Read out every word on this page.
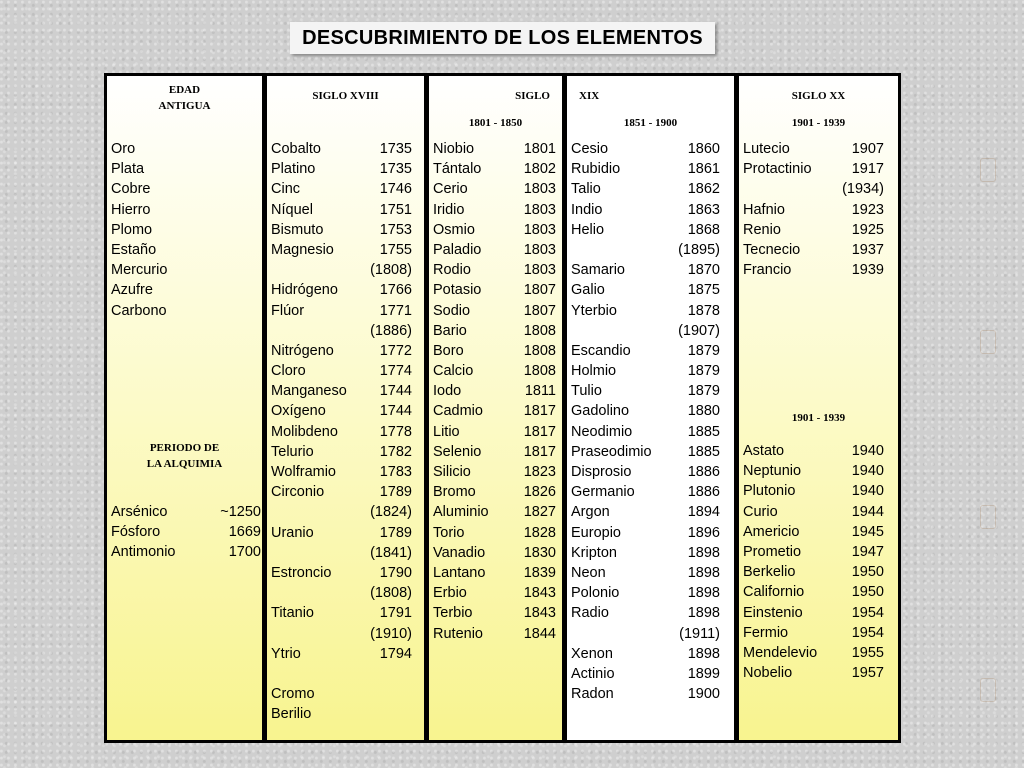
DESCUBRIMIENTO DE LOS ELEMENTOS
EDAD
ANTIGUA
Oro
Plata
Cobre
Hierro
Plomo
Estaño
Mercurio
Azufre
Carbono
PERIODO DE
LA ALQUIMIA
Arsénico	~1250
Fósforo	1669
Antimonio	1700
SIGLO XVIII
Cobalto	1735
Platino	1735
Cinc	1746
Níquel	1751
Bismuto	1753
Magnesio	1755
(1808)
Hidrógeno	1766
Flúor	1771
(1886)
Nitrógeno	1772
Cloro	1774
Manganeso 1744
Oxígeno	1744
Molibdeno	1778
Telurio	1782
Wolframio	1783
Circonio	1789
(1824)
Uranio	1789
(1841)
Estroncio	1790
(1808)
Titanio	1791
(1910)
Ytrio	1794
Cromo
Berilio
SIGLO
1801 - 1850
Niobio	1801
Tántalo	1802
Cerio	1803
Iridio	1803
Osmio	1803
Paladio	1803
Rodio	1803
Potasio	1807
Sodio	1807
Bario	1808
Boro	1808
Calcio	1808
Iodo	1811
Cadmio	1817
Litio	1817
Selenio	1817
Silicio	1823
Bromo	1826
Aluminio 1827
Torio	1828
Vanadio	1830
Lantano	1839
Erbio	1843
Terbio	1843
Rutenio	1844
XIX
1851 - 1900
Cesio	1860
Rubidio	1861
Talio	1862
Indio	1863
Helio	1868
(1895)
Samario	1870
Galio	1875
Yterbio	1878
(1907)
Escandio	1879
Holmio	1879
Tulio	1879
Gadolino	1880
Neodimio	1885
Praseodimio 1885
Disprosio	1886
Germanio	1886
Argon	1894
Europio	1896
Kripton	1898
Neon	1898
Polonio	1898
Radio	1898
(1911)
Xenon	1898
Actinio	1899
Radon	1900
SIGLO XX
1901 - 1939
Lutecio	1907
Protactinio	1917
(1934)
Hafnio	1923
Renio	1925
Tecnecio	1937
Francio	1939
1901 - 1939
Astato	1940
Neptunio	1940
Plutonio	1940
Curio	1944
Americio	1945
Prometio	1947
Berkelio	1950
Californio	1950
Einstenio	1954
Fermio	1954
Mendelevio 1955
Nobelio	1957
